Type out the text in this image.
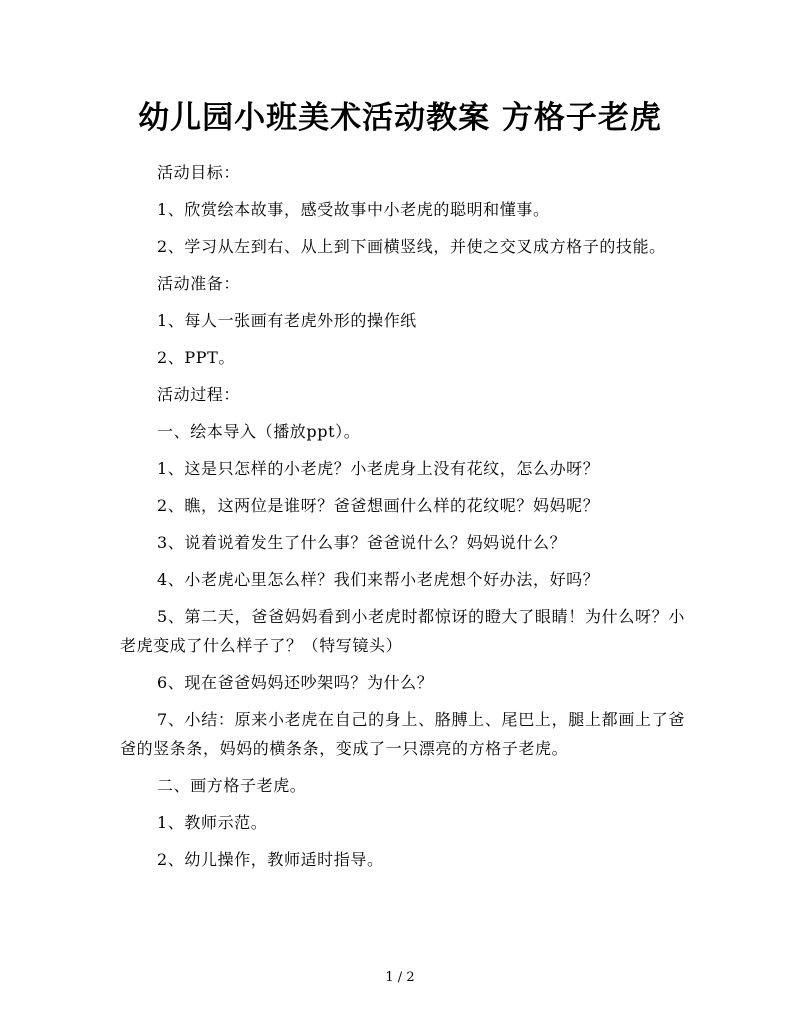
幼儿园小班美术活动教案 方格子老虎

活动目标：

1、欣赏绘本故事，感受故事中小老虎的聪明和懂事。

2、学习从左到右、从上到下画横竖线，并使之交叉成方格子的技能。

活动准备：

1、每人一张画有老虎外形的操作纸

2、PPT。

活动过程：

一、绘本导入（播放ppt）。

1、这是只怎样的小老虎？小老虎身上没有花纹，怎么办呀？

2、瞧，这两位是谁呀？爸爸想画什么样的花纹呢？妈妈呢？

3、说着说着发生了什么事？爸爸说什么？妈妈说什么？

4、小老虎心里怎么样？我们来帮小老虎想个好办法，好吗？

5、第二天，爸爸妈妈看到小老虎时都惊讶的瞪大了眼睛！为什么呀？小老虎变成了什么样子了？（特写镜头）

6、现在爸爸妈妈还吵架吗？为什么？

7、小结：原来小老虎在自己的身上、胳膊上、尾巴上，腿上都画上了爸爸的竖条条，妈妈的横条条，变成了一只漂亮的方格子老虎。

二、画方格子老虎。

1、教师示范。

2、幼儿操作，教师适时指导。

1 / 2
